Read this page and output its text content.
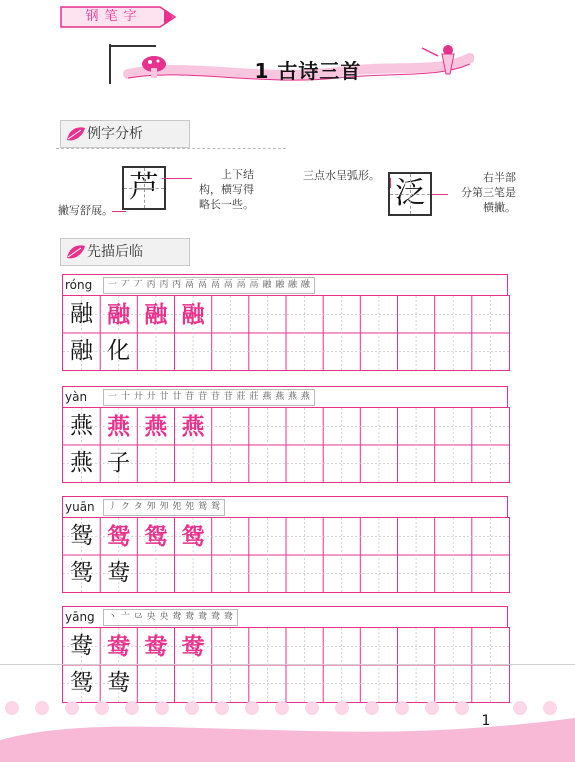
钢笔字
1 古诗三首
例字分析
芦
撇写舒展。
上下结
构，横写得
略长一些。	泛
三点水呈弧形。	右半部
分第三笔是
横撇。
先描后临
róng	一 丆 丆 丙 丙 丙 鬲 鬲 鬲 鬲 鬲 鬲 融 融 融 融
融 融 融 融
融 化
yàn	一 十 廾 廾 廿 廿 苷 苷 苷 苷 莊 莊 燕 燕 燕 燕
燕 燕 燕 燕
燕 子
yuān	丿 ク タ 夘 夘 夗 夗 鸳 鸳
鸳 鸳 鸳 鸳
鸳 鸯
yāng	丶 亠 ⺋ 央 央 鸯 鸯 鸯 鸯 鸯
鸯 鸯 鸯 鸯
鸳 鸯
1
